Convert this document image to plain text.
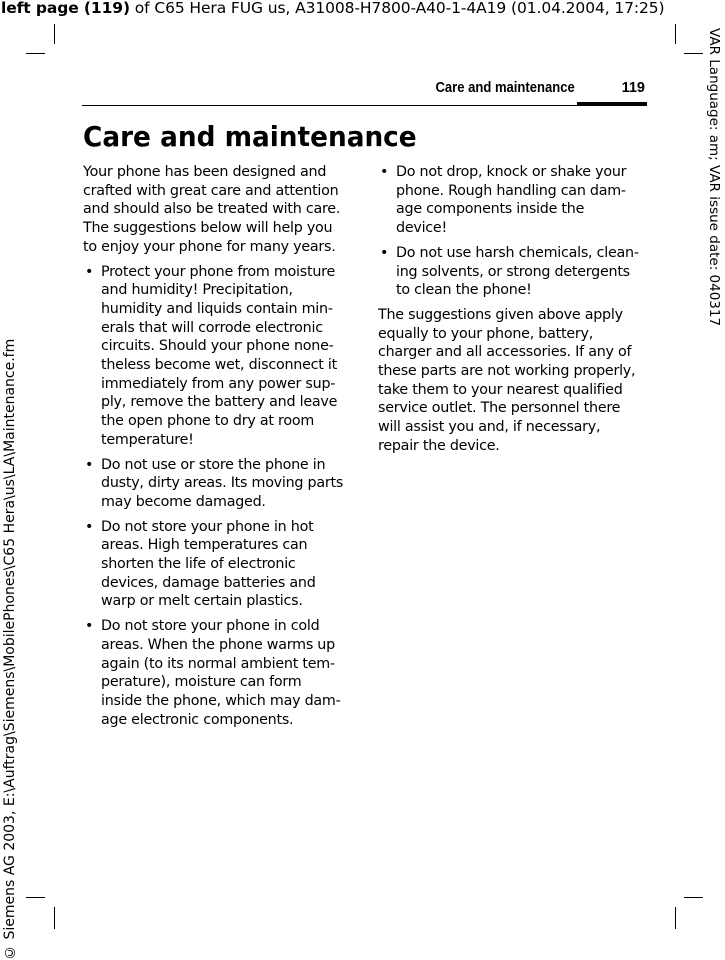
left page (119) of C65 Hera FUG us, A31008-H7800-A40-1-4A19 (01.04.2004, 17:25)
VAR Language: am; VAR issue date: 040317
© Siemens AG 2003, E:\Auftrag\Siemens\MobilePhones\C65 Hera\us\LA\Maintenance.fm
Care and maintenance	119
Care and maintenance

Your phone has been designed and
crafted with great care and attention
and should also be treated with care.
The suggestions below will help you
to enjoy your phone for many years.

• Protect your phone from moisture
and humidity! Precipitation,
humidity and liquids contain min-
erals that will corrode electronic
circuits. Should your phone none-
theless become wet, disconnect it
immediately from any power sup-
ply, remove the battery and leave
the open phone to dry at room
temperature!
• Do not use or store the phone in
dusty, dirty areas. Its moving parts
may become damaged.
• Do not store your phone in hot
areas. High temperatures can
shorten the life of electronic
devices, damage batteries and
warp or melt certain plastics.
• Do not store your phone in cold
areas. When the phone warms up
again (to its normal ambient tem-
perature), moisture can form
inside the phone, which may dam-
age electronic components.
• Do not drop, knock or shake your
phone. Rough handling can dam-
age components inside the
device!
• Do not use harsh chemicals, clean-
ing solvents, or strong detergents
to clean the phone!

The suggestions given above apply
equally to your phone, battery,
charger and all accessories. If any of
these parts are not working properly,
take them to your nearest qualified
service outlet. The personnel there
will assist you and, if necessary,
repair the device.
